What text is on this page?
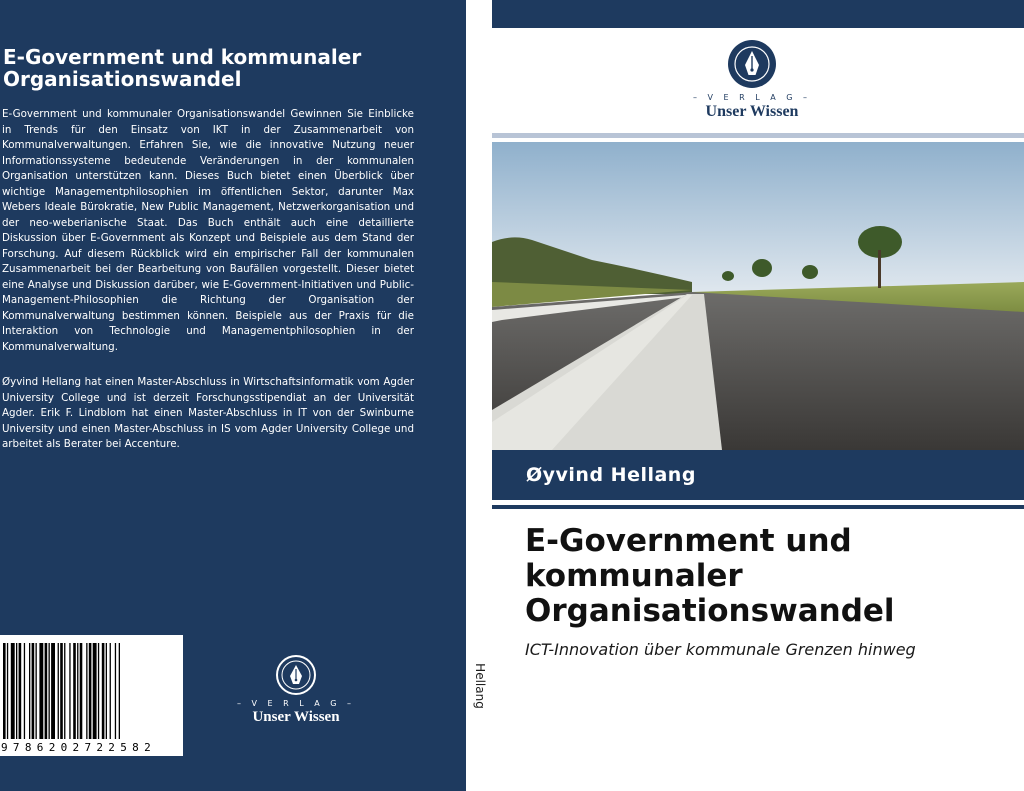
E-Government und kommunaler Organisationswandel

E-Government und kommunaler Organisationswandel Gewinnen Sie Einblicke in Trends für den Einsatz von IKT in der Zusammenarbeit von Kommunalverwaltungen. Erfahren Sie, wie die innovative Nutzung neuer Informationssysteme bedeutende Veränderungen in der kommunalen Organisation unterstützen kann. Dieses Buch bietet einen Überblick über wichtige Managementphilosophien im öffentlichen Sektor, darunter Max Webers Ideale Bürokratie, New Public Management, Netzwerkorganisation und der neo-weberianische Staat. Das Buch enthält auch eine detaillierte Diskussion über E-Government als Konzept und Beispiele aus dem Stand der Forschung. Auf diesem Rückblick wird ein empirischer Fall der kommunalen Zusammenarbeit bei der Bearbeitung von Baufällen vorgestellt. Dieser bietet eine Analyse und Diskussion darüber, wie E-Government-Initiativen und Public-Management-Philosophien die Richtung der Organisation der Kommunalverwaltung bestimmen können. Beispiele aus der Praxis für die Interaktion von Technologie und Managementphilosophien in der Kommunalverwaltung.

Øyvind Hellang hat einen Master-Abschluss in Wirtschaftsinformatik vom Agder University College und ist derzeit Forschungsstipendiat an der Universität Agder. Erik F. Lindblom hat einen Master-Abschluss in IT von der Swinburne University und einen Master-Abschluss in IS vom Agder University College und arbeitet als Berater bei Accenture.

9786202722582
– V E R L A G –
Unser Wissen
Hellang
– V E R L A G –
Unser Wissen
Øyvind Hellang
E-Government und kommunaler Organisationswandel
ICT-Innovation über kommunale Grenzen hinweg
